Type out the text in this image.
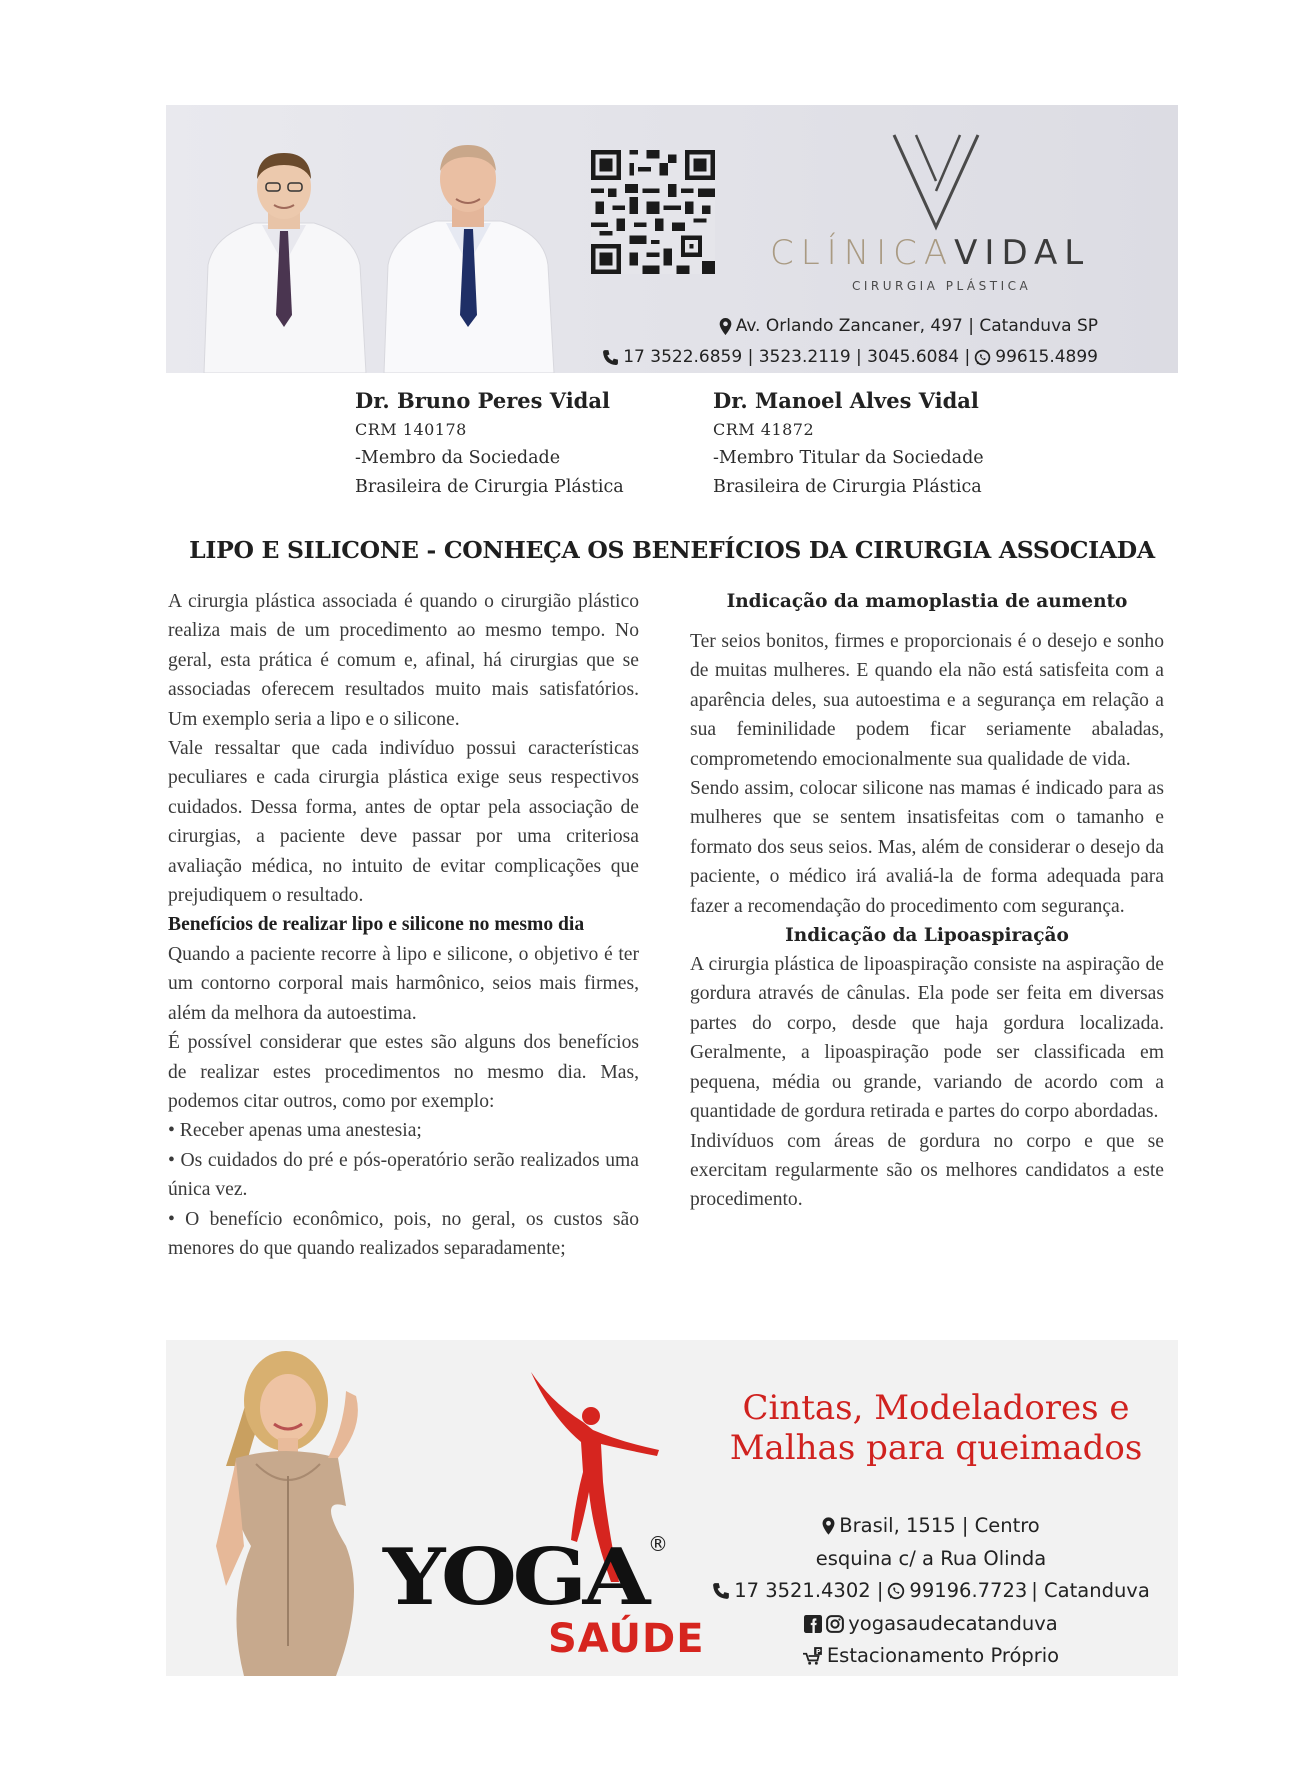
CLÍNICAVIDAL
CIRURGIA PLÁSTICA
Av. Orlando Zancaner, 497 | Catanduva SP
17 3522.6859 | 3523.2119 | 3045.6084 | 99615.4899
Dr. Bruno Peres Vidal
CRM 140178
-Membro da Sociedade
Brasileira de Cirurgia Plástica
Dr. Manoel Alves Vidal
CRM 41872
-Membro Titular da Sociedade
Brasileira de Cirurgia Plástica
LIPO E SILICONE - CONHEÇA OS BENEFÍCIOS DA CIRURGIA ASSOCIADA

A cirurgia plástica associada é quando o cirurgião plástico realiza mais de um procedimento ao mesmo tempo. No geral, esta prática é comum e, afinal, há cirurgias que se associadas oferecem resultados muito mais satisfatórios. Um exemplo seria a lipo e o silicone.

Vale ressaltar que cada indivíduo possui características peculiares e cada cirurgia plástica exige seus respectivos cuidados. Dessa forma, antes de optar pela associação de cirurgias, a paciente deve passar por uma criteriosa avaliação médica, no intuito de evitar complicações que prejudiquem o resultado.

Benefícios de realizar lipo e silicone no mesmo dia

Quando a paciente recorre à lipo e silicone, o objetivo é ter um contorno corporal mais harmônico, seios mais firmes, além da melhora da autoestima.

É possível considerar que estes são alguns dos benefícios de realizar estes procedimentos no mesmo dia. Mas, podemos citar outros, como por exemplo:

• Receber apenas uma anestesia;

• Os cuidados do pré e pós-operatório serão realizados uma única vez.

• O benefício econômico, pois, no geral, os custos são menores do que quando realizados separadamente;

Indicação da mamoplastia de aumento

Ter seios bonitos, firmes e proporcionais é o desejo e sonho de muitas mulheres. E quando ela não está satisfeita com a aparência deles, sua autoestima e a segurança em relação a sua feminilidade podem ficar seriamente abaladas, comprometendo emocionalmente sua qualidade de vida.

Sendo assim, colocar silicone nas mamas é indicado para as mulheres que se sentem insatisfeitas com o tamanho e formato dos seus seios. Mas, além de considerar o desejo da paciente, o médico irá avaliá-la de forma adequada para fazer a recomendação do procedimento com segurança.

Indicação da Lipoaspiração

A cirurgia plástica de lipoaspiração consiste na aspiração de gordura através de cânulas. Ela pode ser feita em diversas partes do corpo, desde que haja gordura localizada. Geralmente, a lipoaspiração pode ser classificada em pequena, média ou grande, variando de acordo com a quantidade de gordura retirada e partes do corpo abordadas.

Indivíduos com áreas de gordura no corpo e que se exercitam regularmente são os melhores candidatos a este procedimento.

YOGA ®
SAÚDE
Cintas, Modeladores e
Malhas para queimados
Brasil, 1515 | Centro
esquina c/ a Rua Olinda
17 3521.4302 | 99196.7723 | Catanduva
yogasaudecatanduva
P Estacionamento Próprio
